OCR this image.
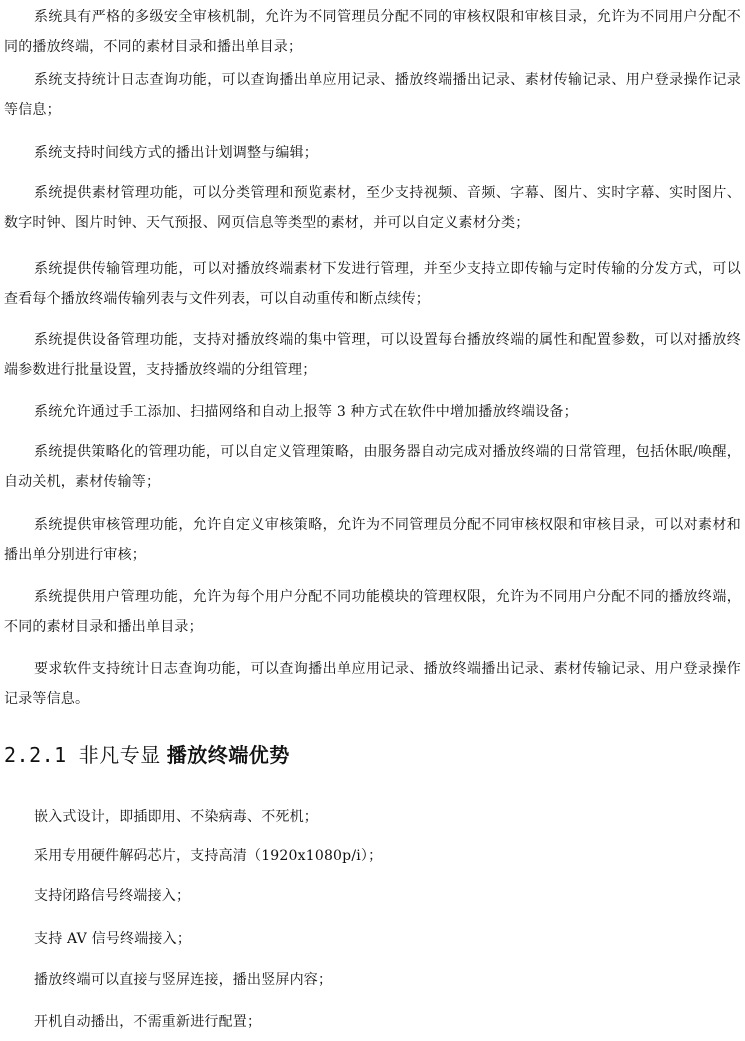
系统具有严格的多级安全审核机制，允许为不同管理员分配不同的审核权限和审核目录，允许为不同用户分配不同的播放终端，不同的素材目录和播出单目录；

系统支持统计日志查询功能，可以查询播出单应用记录、播放终端播出记录、素材传输记录、用户登录操作记录等信息；

系统支持时间线方式的播出计划调整与编辑；

系统提供素材管理功能，可以分类管理和预览素材，至少支持视频、音频、字幕、图片、实时字幕、实时图片、数字时钟、图片时钟、天气预报、网页信息等类型的素材，并可以自定义素材分类；

系统提供传输管理功能，可以对播放终端素材下发进行管理，并至少支持立即传输与定时传输的分发方式，可以查看每个播放终端传输列表与文件列表，可以自动重传和断点续传；

系统提供设备管理功能，支持对播放终端的集中管理，可以设置每台播放终端的属性和配置参数，可以对播放终端参数进行批量设置，支持播放终端的分组管理；

系统允许通过手工添加、扫描网络和自动上报等 3 种方式在软件中增加播放终端设备；

系统提供策略化的管理功能，可以自定义管理策略，由服务器自动完成对播放终端的日常管理，包括休眠/唤醒，自动关机，素材传输等；

系统提供审核管理功能，允许自定义审核策略，允许为不同管理员分配不同审核权限和审核目录，可以对素材和播出单分别进行审核；

系统提供用户管理功能，允许为每个用户分配不同功能模块的管理权限，允许为不同用户分配不同的播放终端，不同的素材目录和播出单目录；

要求软件支持统计日志查询功能，可以查询播出单应用记录、播放终端播出记录、素材传输记录、用户登录操作记录等信息。

2.2.1 非凡专显 播放终端优势

嵌入式设计，即插即用、不染病毒、不死机；

采用专用硬件解码芯片，支持高清（1920x1080p/i）；

支持闭路信号终端接入；

支持 AV 信号终端接入；

播放终端可以直接与竖屏连接，播出竖屏内容；

开机自动播出，不需重新进行配置；
